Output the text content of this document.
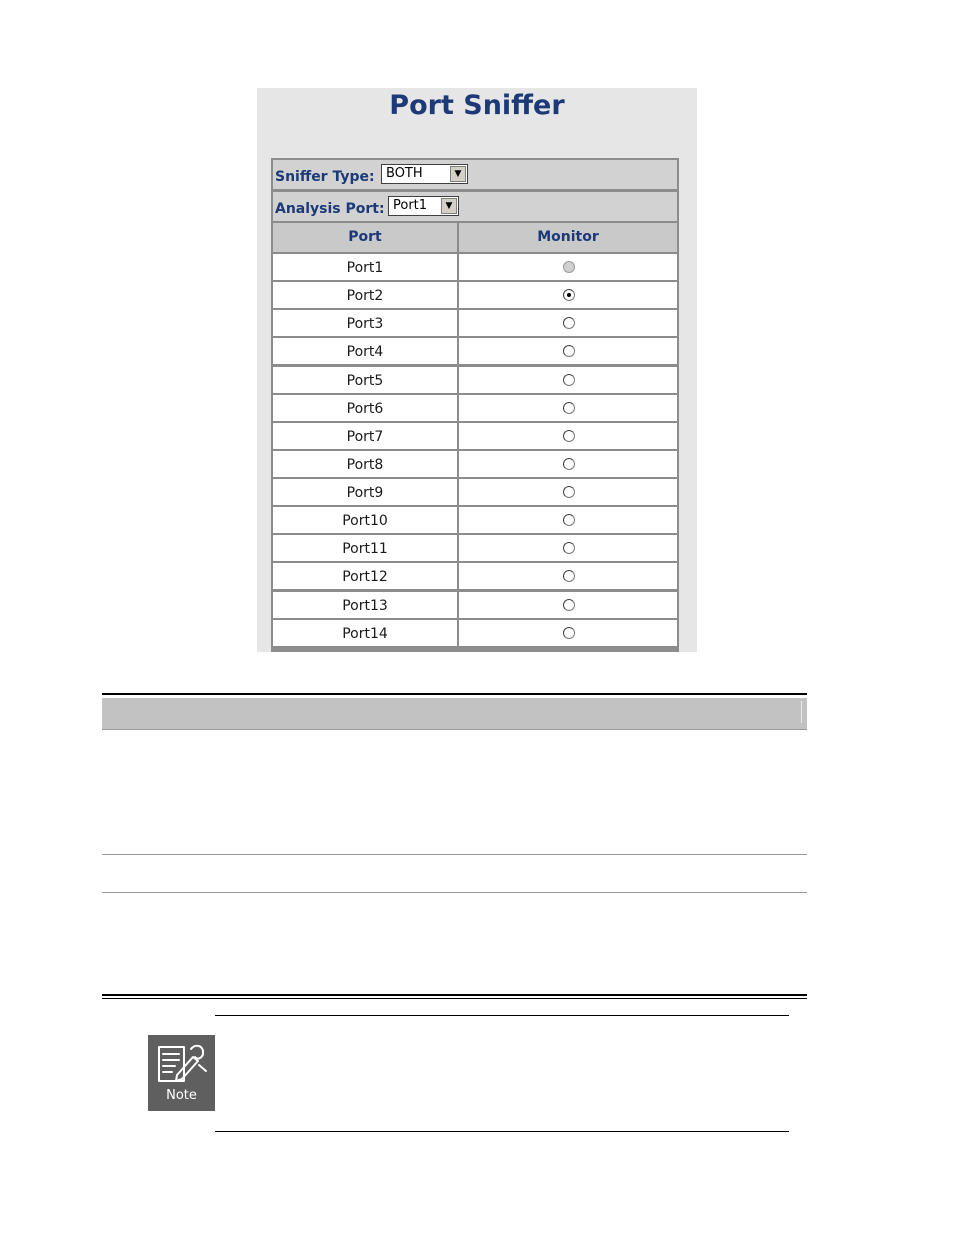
Port Sniffer
Sniffer Type: BOTH	▼
Analysis Port: Port1	▼
Port	Monitor
Port1
Port2
Port3
Port4
Port5
Port6
Port7
Port8
Port9
Port10
Port11
Port12
Port13
Port14
Note
